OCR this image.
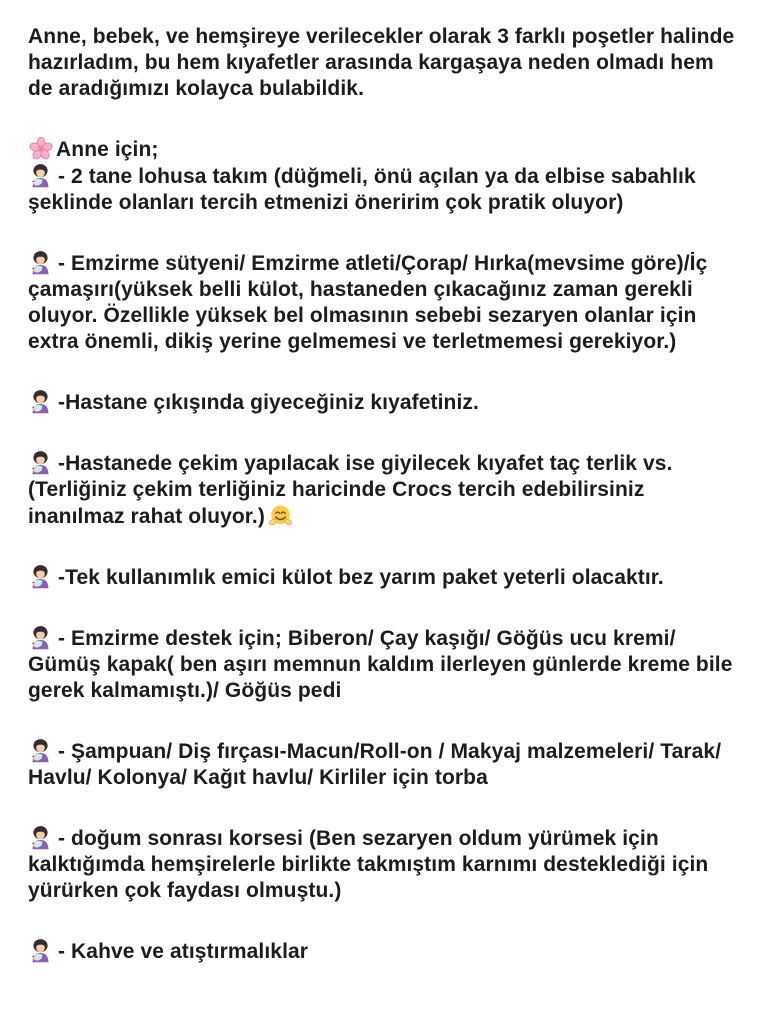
Anne, bebek, ve hemşireye verilecekler olarak 3 farklı poşetler halinde hazırladım, bu hem kıyafetler arasında kargaşaya neden olmadı hem de aradığımızı kolayca bulabildik.

Anne için;

- 2 tane lohusa takım (düğmeli, önü açılan ya da elbise sabahlık şeklinde olanları tercih etmenizi öneririm çok pratik oluyor)

- Emzirme sütyeni/ Emzirme atleti/Çorap/ Hırka(mevsime göre)/İç çamaşırı(yüksek belli külot, hastaneden çıkacağınız zaman gerekli oluyor. Özellikle yüksek bel olmasının sebebi sezaryen olanlar için extra önemli, dikiş yerine gelmemesi ve terletmemesi gerekiyor.)

-Hastane çıkışında giyeceğiniz kıyafetiniz.

-Hastanede çekim yapılacak ise giyilecek kıyafet taç terlik vs. (Terliğiniz çekim terliğiniz haricinde Crocs tercih edebilirsiniz inanılmaz rahat oluyor.)

-Tek kullanımlık emici külot bez yarım paket yeterli olacaktır.

- Emzirme destek için; Biberon/ Çay kaşığı/ Göğüs ucu kremi/ Gümüş kapak( ben aşırı memnun kaldım ilerleyen günlerde kreme bile gerek kalmamıştı.)/ Göğüs pedi

- Şampuan/ Diş fırçası-Macun/Roll-on / Makyaj malzemeleri/ Tarak/ Havlu/ Kolonya/ Kağıt havlu/ Kirliler için torba

- doğum sonrası korsesi (Ben sezaryen oldum yürümek için kalktığımda hemşirelerle birlikte takmıştım karnımı desteklediği için yürürken çok faydası olmuştu.)

- Kahve ve atıştırmalıklar
